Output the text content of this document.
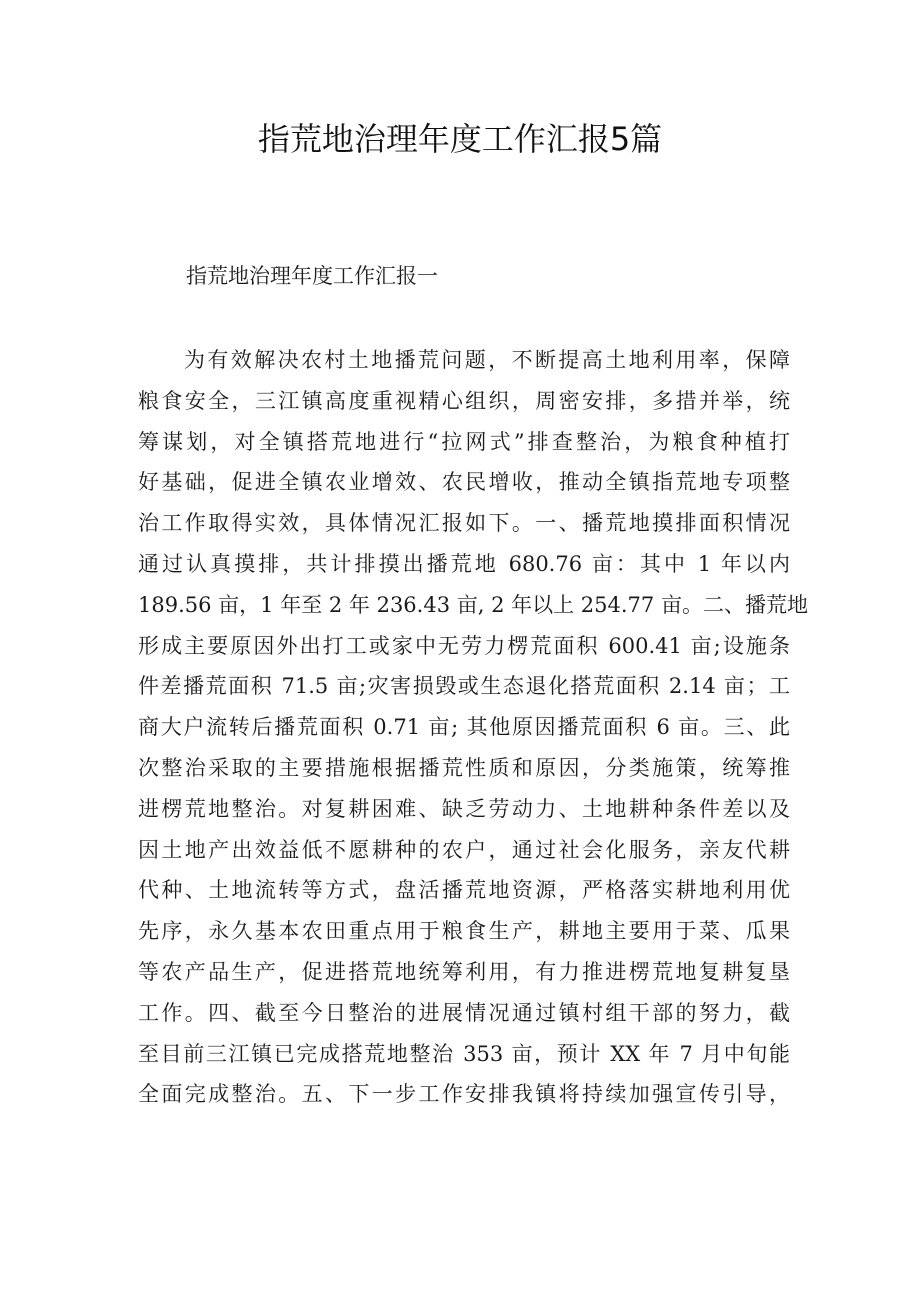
指荒地治理年度工作汇报5篇
指荒地治理年度工作汇报一
为有效解决农村土地播荒问题，不断提高土地利用率，保障
粮食安全，三江镇高度重视精心组织，周密安排，多措并举，统
筹谋划，对全镇搭荒地进行“拉网式”排查整治，为粮食种植打
好基础，促进全镇农业增效、农民增收，推动全镇指荒地专项整
治工作取得实效，具体情况汇报如下。一、播荒地摸排面积情况
通过认真摸排，共计排摸出播荒地 680.76 亩：其中 1 年以内
189.56 亩，1 年至 2 年 236.43 亩, 2 年以上 254.77 亩。二、播荒地
形成主要原因外出打工或家中无劳力楞荒面积 600.41 亩;设施条
件差播荒面积 71.5 亩;灾害损毁或生态退化搭荒面积 2.14 亩；工
商大户流转后播荒面积 0.71 亩; 其他原因播荒面积 6 亩。三、此
次整治采取的主要措施根据播荒性质和原因，分类施策，统筹推
进楞荒地整治。对复耕困难、缺乏劳动力、土地耕种条件差以及
因土地产出效益低不愿耕种的农户，通过社会化服务，亲友代耕
代种、土地流转等方式，盘活播荒地资源，严格落实耕地利用优
先序，永久基本农田重点用于粮食生产，耕地主要用于菜、瓜果
等农产品生产，促进搭荒地统筹利用，有力推进楞荒地复耕复垦
工作。四、截至今日整治的进展情况通过镇村组干部的努力，截
至目前三江镇已完成搭荒地整治 353 亩，预计 XX 年 7 月中旬能
全面完成整治。五、下一步工作安排我镇将持续加强宣传引导，
